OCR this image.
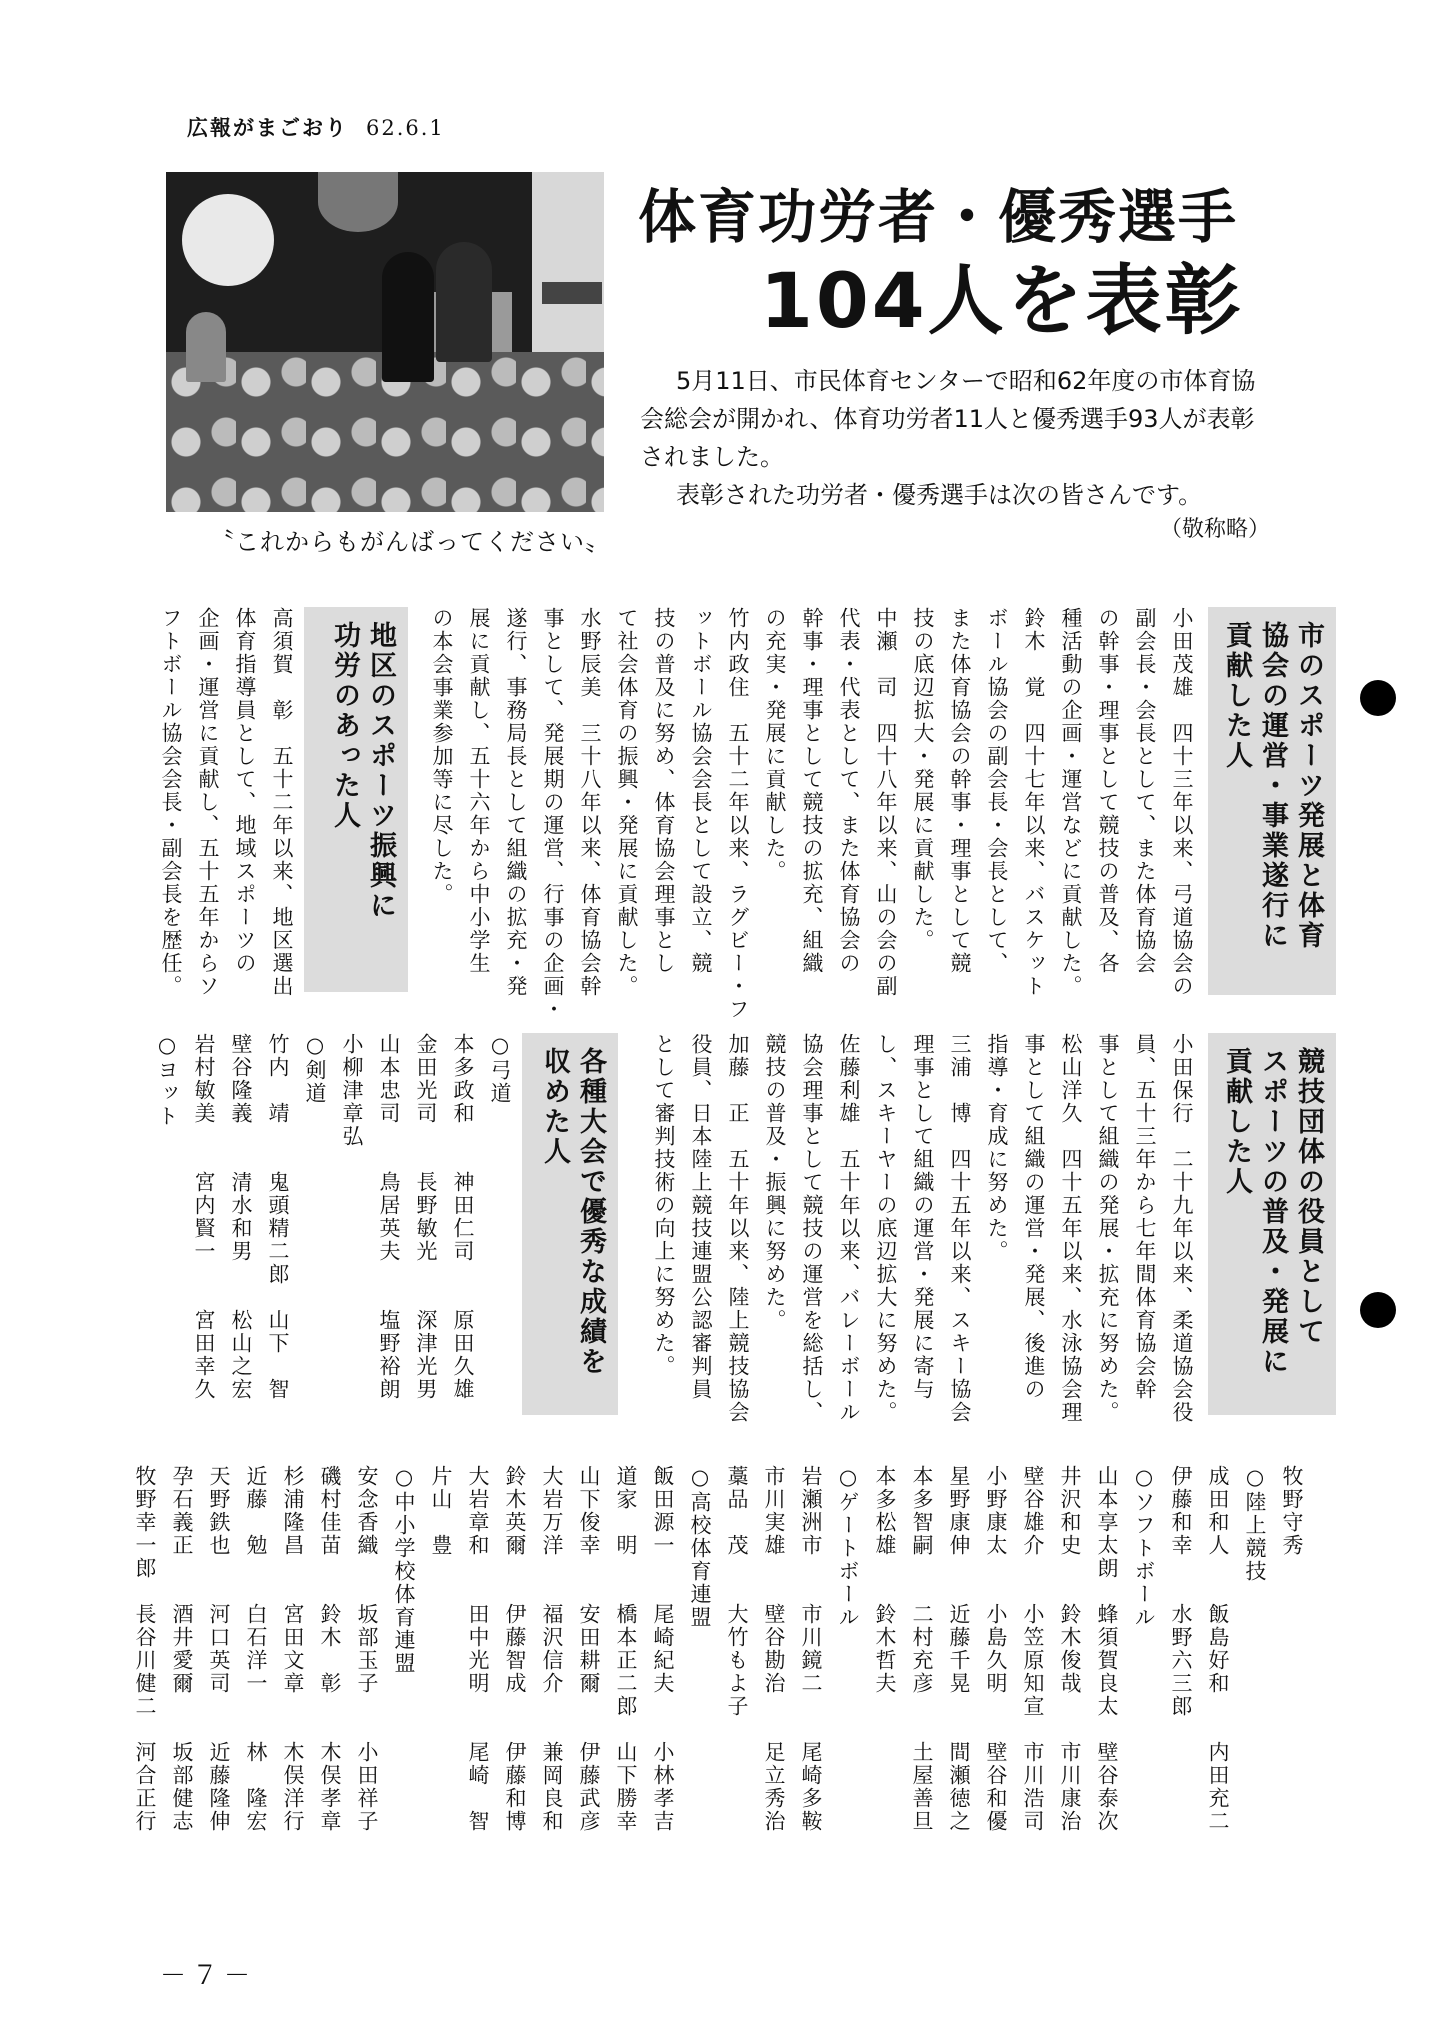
広報がまごおり 62.6.1
〝これからもがんばってください〟
体育功労者・優秀選手
104人を表彰

5月11日、市民体育センターで昭和62年度の市体育協会総会が開かれ、体育功労者11人と優秀選手93人が表彰されました。

表彰された功労者・優秀選手は次の皆さんです。

（敬称略）
市のスポーツ発展と体育
協会の運営・事業遂行に
貢献した人
小田茂雄　四十三年以来、弓道協会の
副会長・会長として、また体育協会
の幹事・理事として競技の普及、各
種活動の企画・運営などに貢献した。
鈴木　覚　四十七年以来、バスケット
ボール協会の副会長・会長として、
また体育協会の幹事・理事として競
技の底辺拡大・発展に貢献した。
中瀬　司　四十八年以来、山の会の副
代表・代表として、また体育協会の
幹事・理事として競技の拡充、組織
の充実・発展に貢献した。
竹内政住　五十二年以来、ラグビー・フ
ットボール協会会長として設立、競
技の普及に努め、体育協会理事とし
て社会体育の振興・発展に貢献した。
水野辰美　三十八年以来、体育協会幹
事として、発展期の運営、行事の企画・
遂行、事務局長として組織の拡充・発
展に貢献し、五十六年から中小学生
の本会事業参加等に尽した。
地区のスポーツ振興に
功労のあった人
高須賀　彰　五十二年以来、地区選出
体育指導員として、地域スポーツの
企画・運営に貢献し、五十五年からソ
フトボール協会会長・副会長を歴任。
競技団体の役員として
スポーツの普及・発展に
貢献した人
小田保行　二十九年以来、柔道協会役
員、五十三年から七年間体育協会幹
事として組織の発展・拡充に努めた。
松山洋久　四十五年以来、水泳協会理
事として組織の運営・発展、後進の
指導・育成に努めた。
三浦　博　四十五年以来、スキー協会
理事として組織の運営・発展に寄与
し、スキーヤーの底辺拡大に努めた。
佐藤利雄　五十年以来、バレーボール
協会理事として競技の運営を総括し、
競技の普及・振興に努めた。
加藤　正　五十年以来、陸上競技協会
役員、日本陸上競技連盟公認審判員
として審判技術の向上に努めた。
各種大会で優秀な成績を
収めた人
○弓道
本多政和　　神田仁司　　原田久雄
金田光司　　長野敏光　　深津光男
山本忠司　　鳥居英夫　　塩野裕朗
小柳津章弘
○剣道
竹内　靖　　鬼頭精二郎　山下　智
壁谷隆義　　清水和男　　松山之宏
岩村敏美　　宮内賢一　　宮田幸久
○ヨット
牧野守秀
○陸上競技
成田和人　　飯島好和　　内田充二
伊藤和幸　　水野六三郎
○ソフトボール
山本享太朗　蜂須賀良太　壁谷泰次
井沢和史　　鈴木俊哉　　市川康治
壁谷雄介　　小笠原知宣　市川浩司
小野康太　　小島久明　　壁谷和優
星野康伸　　近藤千晃　　間瀬徳之
本多智嗣　　二村充彦　　土屋善旦
本多松雄　　鈴木哲夫
○ゲートボール
岩瀬洲市　　市川鏡二　　尾崎多鞍
市川実雄　　壁谷勘治　　足立秀治
藁品　茂　　大竹もよ子
○高校体育連盟
飯田源一　　尾崎紀夫　　小林孝吉
道家　明　　橋本正二郎　山下勝幸
山下俊幸　　安田耕爾　　伊藤武彦
大岩万洋　　福沢信介　　兼岡良和
鈴木英爾　　伊藤智成　　伊藤和博
大岩章和　　田中光明　　尾崎　智
片山　豊
○中小学校体育連盟
安念香織　　坂部玉子　　小田祥子
磯村佳苗　　鈴木　彰　　木俣孝章
杉浦隆昌　　宮田文章　　木俣洋行
近藤　勉　　白石洋一　　林　隆宏
天野鉄也　　河口英司　　近藤隆伸
孕石義正　　酒井愛爾　　坂部健志
牧野幸一郎　長谷川健二　河合正行
－７－
